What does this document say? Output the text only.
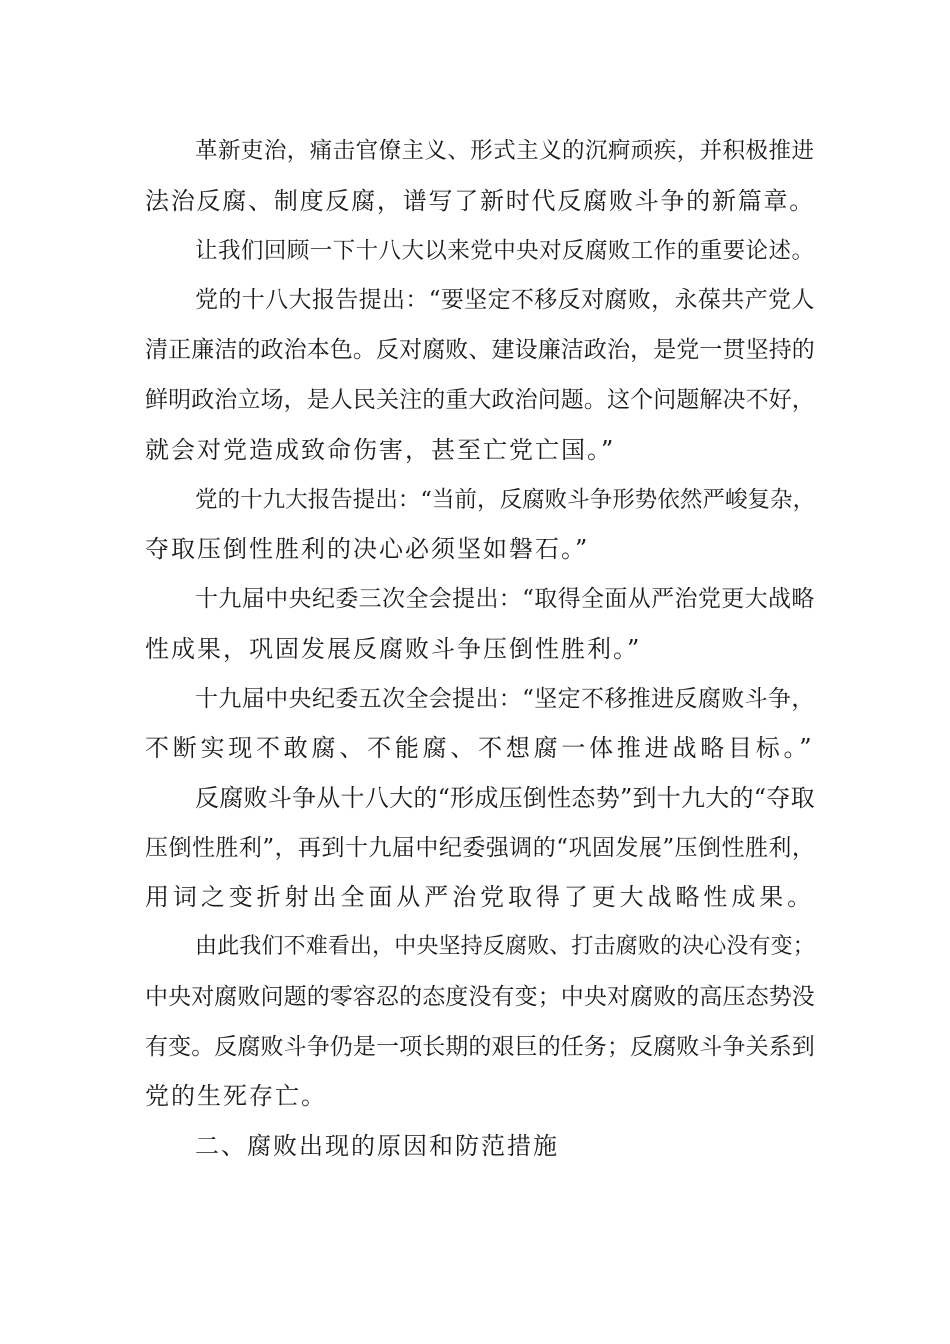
革新吏治，痛击官僚主义、形式主义的沉痾顽疾，并积极推进
法治反腐、制度反腐，谱写了新时代反腐败斗争的新篇章。
让我们回顾一下十八大以来党中央对反腐败工作的重要论述。
党的十八大报告提出：“要坚定不移反对腐败，永葆共产党人
清正廉洁的政治本色。反对腐败、建设廉洁政治，是党一贯坚持的
鲜明政治立场，是人民关注的重大政治问题。这个问题解决不好，
就会对党造成致命伤害，甚至亡党亡国。”
党的十九大报告提出：“当前，反腐败斗争形势依然严峻复杂，
夺取压倒性胜利的决心必须坚如磐石。”
十九届中央纪委三次全会提出：“取得全面从严治党更大战略
性成果，巩固发展反腐败斗争压倒性胜利。”
十九届中央纪委五次全会提出：“坚定不移推进反腐败斗争，
不断实现不敢腐、不能腐、不想腐一体推进战略目标。”
反腐败斗争从十八大的“形成压倒性态势”到十九大的“夺取
压倒性胜利”，再到十九届中纪委强调的“巩固发展”压倒性胜利，
用词之变折射出全面从严治党取得了更大战略性成果。
由此我们不难看出，中央坚持反腐败、打击腐败的决心没有变；
中央对腐败问题的零容忍的态度没有变；中央对腐败的高压态势没
有变。反腐败斗争仍是一项长期的艰巨的任务；反腐败斗争关系到
党的生死存亡。
二、腐败出现的原因和防范措施
